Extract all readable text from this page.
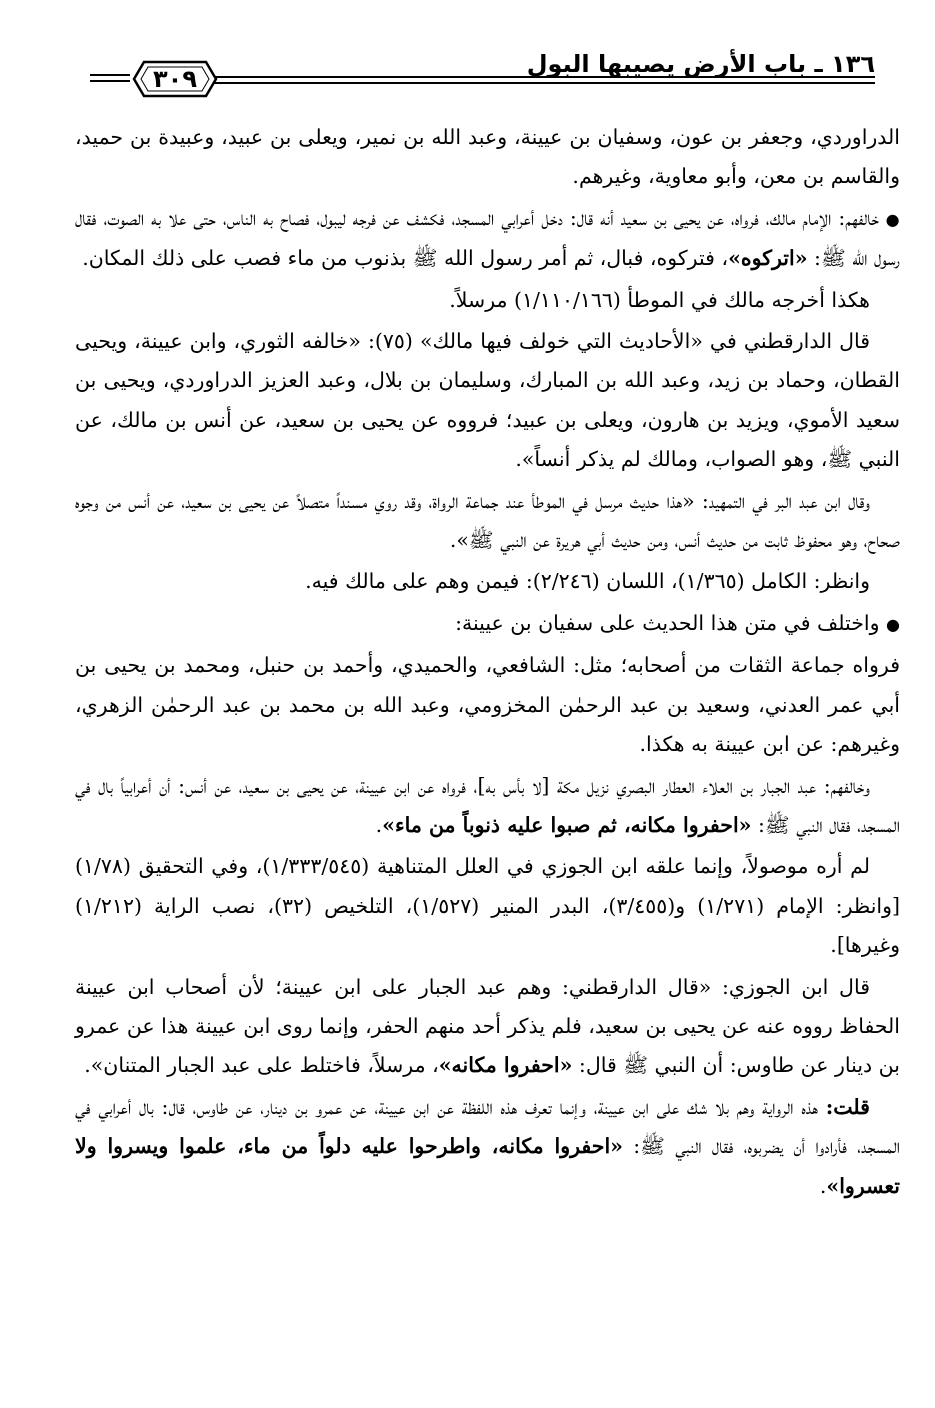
١٣٦ ـ باب الأرض يصيبها البول
٣٠٩

الدراوردي، وجعفر بن عون، وسفيان بن عيينة، وعبد الله بن نمير، ويعلى بن عبيد، وعبيدة بن حميد، والقاسم بن معن، وأبو معاوية، وغيرهم.

● خالفهم: الإمام مالك، فرواه، عن يحيى بن سعيد أنه قال: دخل أعرابي المسجد، فكشف عن فرجه ليبول، فصاح به الناس، حتى علا به الصوت، فقال رسول الله ﷺ: «اتركوه»، فتركوه، فبال، ثم أمر رسول الله ﷺ بذنوب من ماء فصب على ذلك المكان.

هكذا أخرجه مالك في الموطأ (١/١١٠/١٦٦) مرسلاً.

قال الدارقطني في «الأحاديث التي خولف فيها مالك» (٧٥): «خالفه الثوري، وابن عيينة، ويحيى القطان، وحماد بن زيد، وعبد الله بن المبارك، وسليمان بن بلال، وعبد العزيز الدراوردي، ويحيى بن سعيد الأموي، ويزيد بن هارون، ويعلى بن عبيد؛ فرووه عن يحيى بن سعيد، عن أنس بن مالك، عن النبي ﷺ، وهو الصواب، ومالك لم يذكر أنساً».

وقال ابن عبد البر في التمهيد: «هذا حديث مرسل في الموطأ عند جماعة الرواة، وقد روي مسنداً متصلاً عن يحيى بن سعيد، عن أنس من وجوه صحاح، وهو محفوظ ثابت من حديث أنس، ومن حديث أبي هريرة عن النبي ﷺ».

وانظر: الكامل (١/٣٦٥)، اللسان (٢/٢٤٦): فيمن وهم على مالك فيه.

● واختلف في متن هذا الحديث على سفيان بن عيينة:

فرواه جماعة الثقات من أصحابه؛ مثل: الشافعي، والحميدي، وأحمد بن حنبل، ومحمد بن يحيى بن أبي عمر العدني، وسعيد بن عبد الرحمٰن المخزومي، وعبد الله بن محمد بن عبد الرحمٰن الزهري، وغيرهم: عن ابن عيينة به هكذا.

وخالفهم: عبد الجبار بن العلاء العطار البصري نزيل مكة [لا بأس به]، فرواه عن ابن عيينة، عن يحيى بن سعيد، عن أنس: أن أعرابياً بال في المسجد، فقال النبي ﷺ: «احفروا مكانه، ثم صبوا عليه ذنوباً من ماء».

لم أره موصولاً، وإنما علقه ابن الجوزي في العلل المتناهية (١/٣٣٣/٥٤٥)، وفي التحقيق (١/٧٨) [وانظر: الإمام (١/٢٧١) و(٣/٤٥٥)، البدر المنير (١/٥٢٧)، التلخيص (٣٢)، نصب الراية (١/٢١٢) وغيرها].

قال ابن الجوزي: «قال الدارقطني: وهم عبد الجبار على ابن عيينة؛ لأن أصحاب ابن عيينة الحفاظ رووه عنه عن يحيى بن سعيد، فلم يذكر أحد منهم الحفر، وإنما روى ابن عيينة هذا عن عمرو بن دينار عن طاوس: أن النبي ﷺ قال: «احفروا مكانه»، مرسلاً، فاختلط على عبد الجبار المتنان».

قلت: هذه الرواية وهم بلا شك على ابن عيينة، وإنما تعرف هذه اللفظة عن ابن عيينة، عن عمرو بن دينار، عن طاوس، قال: بال أعرابي في المسجد، فأرادوا أن يضربوه، فقال النبي ﷺ: «احفروا مكانه، واطرحوا عليه دلواً من ماء، علموا ويسروا ولا تعسروا».
